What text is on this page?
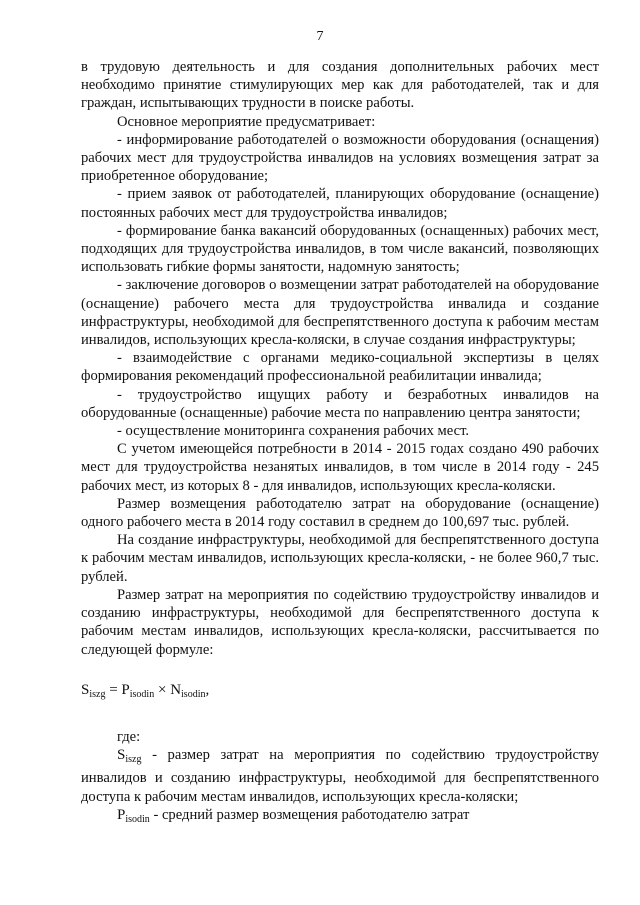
7

в трудовую деятельность и для создания дополнительных рабочих мест необходимо принятие стимулирующих мер как для работодателей, так и для граждан, испытывающих трудности в поиске работы.

Основное мероприятие предусматривает:

- информирование работодателей о возможности оборудования (оснащения) рабочих мест для трудоустройства инвалидов на условиях возмещения затрат за приобретенное оборудование;

- прием заявок от работодателей, планирующих оборудование (оснащение) постоянных рабочих мест для трудоустройства инвалидов;

- формирование банка вакансий оборудованных (оснащенных) рабочих мест, подходящих для трудоустройства инвалидов, в том числе вакансий, позволяющих использовать гибкие формы занятости, надомную занятость;

- заключение договоров о возмещении затрат работодателей на оборудование (оснащение) рабочего места для трудоустройства инвалида и создание инфраструктуры, необходимой для беспрепятственного доступа к рабочим местам инвалидов, использующих кресла-коляски, в случае создания инфраструктуры;

- взаимодействие с органами медико-социальной экспертизы в целях формирования рекомендаций профессиональной реабилитации инвалида;

- трудоустройство ищущих работу и безработных инвалидов на оборудованные (оснащенные) рабочие места по направлению центра занятости;

- осуществление мониторинга сохранения рабочих мест.

С учетом имеющейся потребности в 2014 - 2015 годах создано 490 рабочих мест для трудоустройства незанятых инвалидов, в том числе в 2014 году - 245 рабочих мест, из которых 8 - для инвалидов, использующих кресла-коляски.

Размер возмещения работодателю затрат на оборудование (оснащение) одного рабочего места в 2014 году составил в среднем до 100,697 тыс. рублей.

На создание инфраструктуры, необходимой для беспрепятственного доступа к рабочим местам инвалидов, использующих кресла-коляски, - не более 960,7 тыс. рублей.

Размер затрат на мероприятия по содействию трудоустройству инвалидов и созданию инфраструктуры, необходимой для беспрепятственного доступа к рабочим местам инвалидов, использующих кресла-коляски, рассчитывается по следующей формуле:

$S_{iszg} = P_{isodin} \times N_{isodin}$,

где:

$S_{iszg}$ - размер затрат на мероприятия по содействию трудоустройству инвалидов и созданию инфраструктуры, необходимой для беспрепятственного доступа к рабочим местам инвалидов, использующих кресла-коляски;

$P_{isodin}$ - средний размер возмещения работодателю затрат
